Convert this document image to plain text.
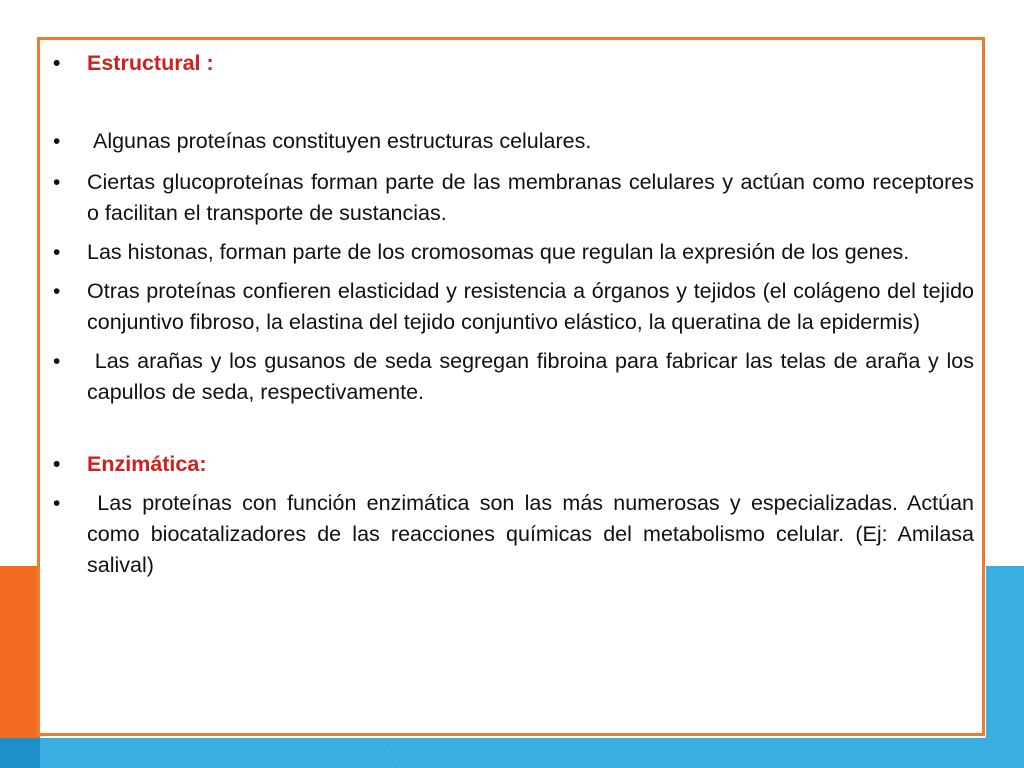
• Estructural :
• Algunas proteínas constituyen estructuras celulares.
• Ciertas glucoproteínas forman parte de las membranas celulares y actúan como receptores o facilitan el transporte de sustancias.
• Las histonas, forman parte de los cromosomas que regulan la expresión de los genes.
• Otras proteínas confieren elasticidad y resistencia a órganos y tejidos (el colágeno del tejido conjuntivo fibroso, la elastina del tejido conjuntivo elástico, la queratina de la epidermis)
• Las arañas y los gusanos de seda segregan fibroina para fabricar las telas de araña y los capullos de seda, respectivamente.
• Enzimática:
• Las proteínas con función enzimática son las más numerosas y especializadas. Actúan como biocatalizadores de las reacciones químicas del metabolismo celular. (Ej: Amilasa salival)
